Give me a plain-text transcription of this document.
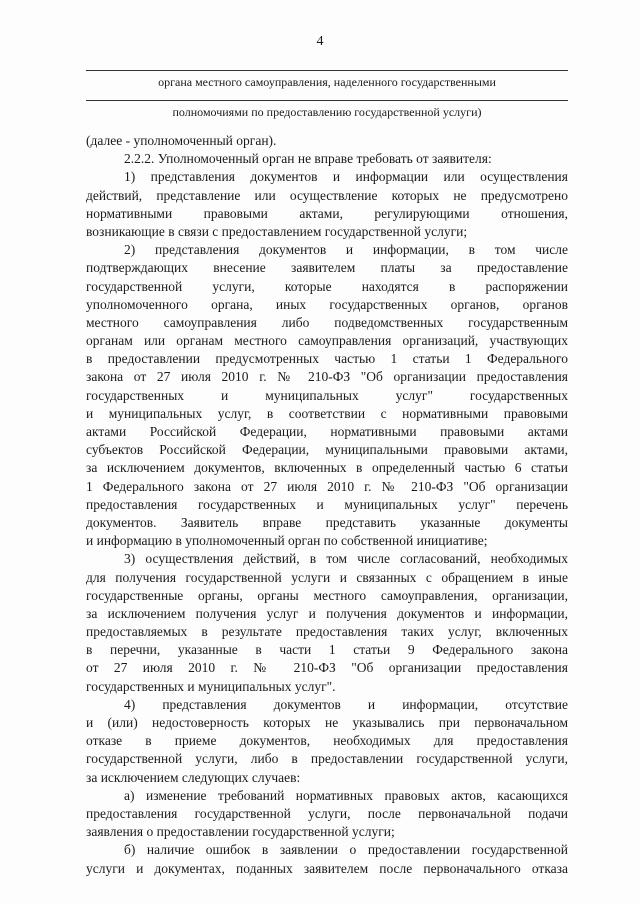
4
органа местного самоуправления, наделенного государственными
полномочиями по предоставлению государственной услуги)
(далее - уполномоченный орган).
2.2.2. Уполномоченный орган не вправе требовать от заявителя:
1) представления документов и информации или осуществления
действий, представление или осуществление которых не предусмотрено
нормативными правовыми актами, регулирующими отношения,
возникающие в связи с предоставлением государственной услуги;
2) представления документов и информации, в том числе
подтверждающих внесение заявителем платы за предоставление
государственной услуги, которые находятся в распоряжении
уполномоченного органа, иных государственных органов, органов
местного самоуправления либо подведомственных государственным
органам или органам местного самоуправления организаций, участвующих
в предоставлении предусмотренных частью 1 статьи 1 Федерального
закона от 27 июля 2010 г. № 210-ФЗ "Об организации предоставления
государственных и муниципальных услуг" государственных
и муниципальных услуг, в соответствии с нормативными правовыми
актами Российской Федерации, нормативными правовыми актами
субъектов Российской Федерации, муниципальными правовыми актами,
за исключением документов, включенных в определенный частью 6 статьи
1 Федерального закона от 27 июля 2010 г. № 210-ФЗ "Об организации
предоставления государственных и муниципальных услуг" перечень
документов. Заявитель вправе представить указанные документы
и информацию в уполномоченный орган по собственной инициативе;
3) осуществления действий, в том числе согласований, необходимых
для получения государственной услуги и связанных с обращением в иные
государственные органы, органы местного самоуправления, организации,
за исключением получения услуг и получения документов и информации,
предоставляемых в результате предоставления таких услуг, включенных
в перечни, указанные в части 1 статьи 9 Федерального закона
от 27 июля 2010 г. № 210-ФЗ "Об организации предоставления
государственных и муниципальных услуг".
4) представления документов и информации, отсутствие
и (или) недостоверность которых не указывались при первоначальном
отказе в приеме документов, необходимых для предоставления
государственной услуги, либо в предоставлении государственной услуги,
за исключением следующих случаев:
а) изменение требований нормативных правовых актов, касающихся
предоставления государственной услуги, после первоначальной подачи
заявления о предоставлении государственной услуги;
б) наличие ошибок в заявлении о предоставлении государственной
услуги и документах, поданных заявителем после первоначального отказа
